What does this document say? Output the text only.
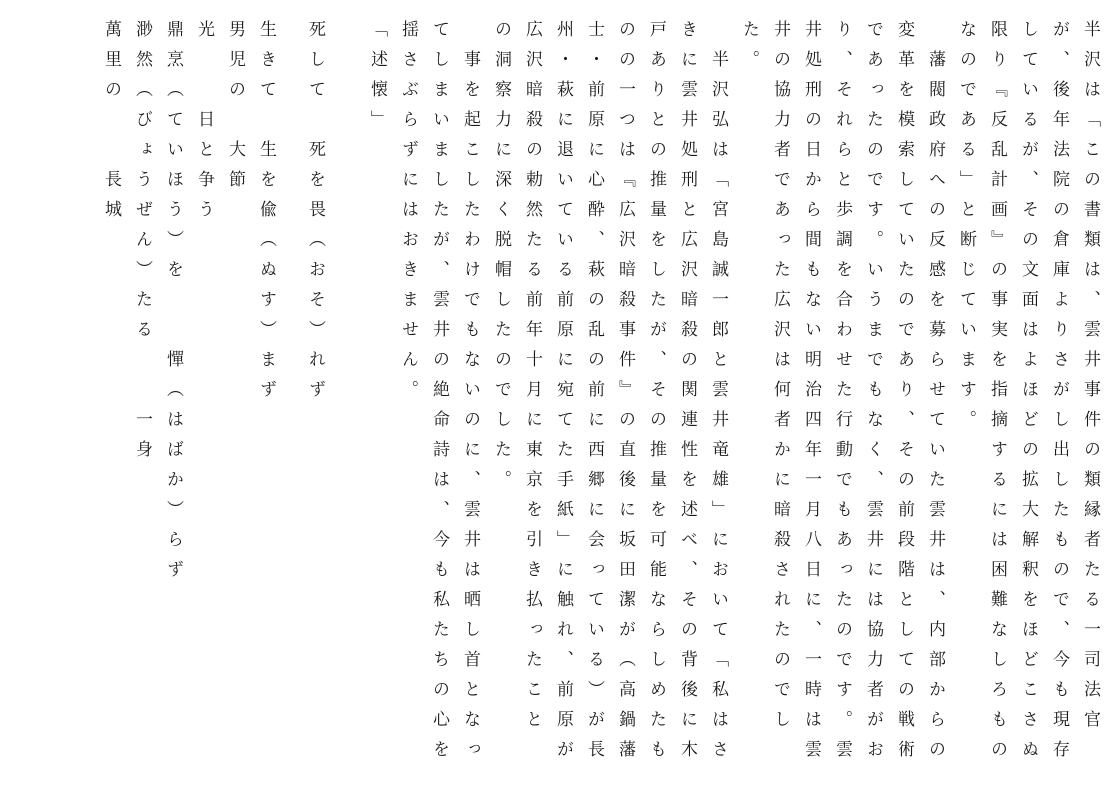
半沢は「この書類は、雲井事件の類縁者たる一司法官

が、後年法院の倉庫よりさがし出したもので、今も現存

しているが、その文面はよほどの拡大解釈をほどこさぬ

限り『反乱計画』の事実を指摘するには困難なしろもの

なのである」と断じています。

　藩閥政府への反感を募らせていた雲井は、内部からの

変革を模索していたのであり、その前段階としての戦術

であったのです。いうまでもなく、雲井には協力者がお

り、それらと歩調を合わせた行動でもあったのです。雲

井処刑の日から間もない明治四年一月八日に、一時は雲

井の協力者であった広沢は何者かに暗殺されたのでし

た。

　半沢弘は「宮島誠一郎と雲井竜雄」において「私はさ

きに雲井処刑と広沢暗殺の関連性を述べ、その背後に木

戸ありとの推量をしたが、その推量を可能ならしめたも

のの一つは『広沢暗殺事件』の直後に坂田潔が（高鍋藩

士・前原に心酔、萩の乱の前に西郷に会っている）が長

州・萩に退いている前原に宛てた手紙」に触れ、前原が

広沢暗殺の勅然たる前年十月に東京を引き払ったこと

の洞察力に深く脱帽したのでした。

　事を起こしたわけでもないのに、雲井は晒し首となっ

てしまいましたが、雲井の絶命詩は、今も私たちの心を

揺さぶらずにはおきません。

「述懐」

死して　死を畏（おそ）れず

生きて　生を偸（ぬす）まず

男児の　大節

光　　日と争う

鼎烹（ていほう）を　　憚（はばか）らず

渺然（びょうぜん）たる　　一身

萬里の　　長城
